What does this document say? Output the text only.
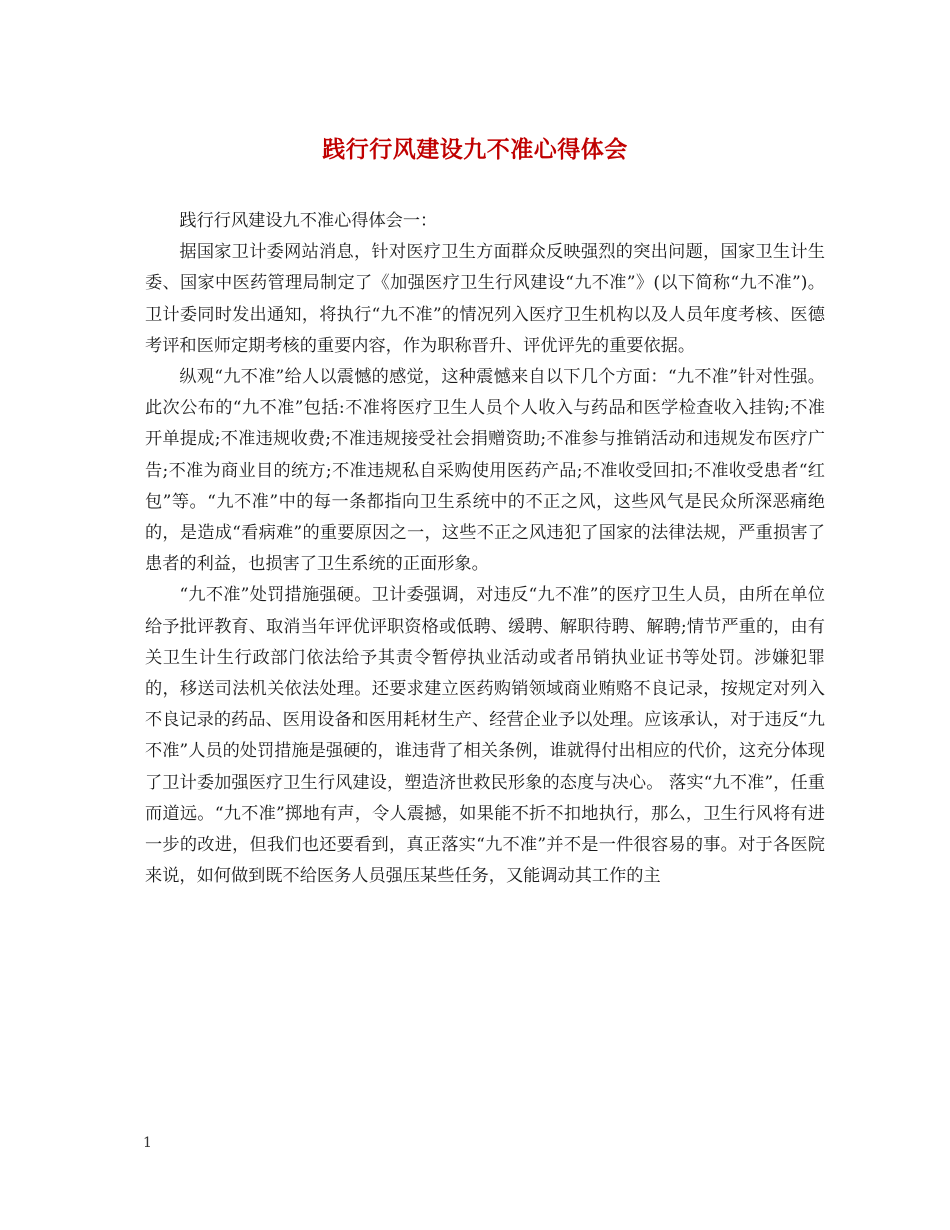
践行行风建设九不准心得体会

践行行风建设九不准心得体会一：

据国家卫计委网站消息，针对医疗卫生方面群众反映强烈的突出问题，国家卫生计生委、国家中医药管理局制定了《加强医疗卫生行风建设“九不准”》(以下简称“九不准”)。卫计委同时发出通知，将执行“九不准”的情况列入医疗卫生机构以及人员年度考核、医德考评和医师定期考核的重要内容，作为职称晋升、评优评先的重要依据。

纵观“九不准”给人以震憾的感觉，这种震憾来自以下几个方面：“九不准”针对性强。此次公布的“九不准”包括:不准将医疗卫生人员个人收入与药品和医学检查收入挂钩;不准开单提成;不准违规收费;不准违规接受社会捐赠资助;不准参与推销活动和违规发布医疗广告;不准为商业目的统方;不准违规私自采购使用医药产品;不准收受回扣;不准收受患者“红包”等。“九不准”中的每一条都指向卫生系统中的不正之风，这些风气是民众所深恶痛绝的，是造成“看病难”的重要原因之一，这些不正之风违犯了国家的法律法规，严重损害了患者的利益，也损害了卫生系统的正面形象。

“九不准”处罚措施强硬。卫计委强调，对违反“九不准”的医疗卫生人员，由所在单位给予批评教育、取消当年评优评职资格或低聘、缓聘、解职待聘、解聘;情节严重的，由有关卫生计生行政部门依法给予其责令暂停执业活动或者吊销执业证书等处罚。涉嫌犯罪的，移送司法机关依法处理。还要求建立医药购销领域商业贿赂不良记录，按规定对列入不良记录的药品、医用设备和医用耗材生产、经营企业予以处理。应该承认，对于违反“九不准”人员的处罚措施是强硬的，谁违背了相关条例，谁就得付出相应的代价，这充分体现了卫计委加强医疗卫生行风建设，塑造济世救民形象的态度与决心。 落实“九不准”，任重而道远。“九不准”掷地有声，令人震撼，如果能不折不扣地执行，那么，卫生行风将有进一步的改进，但我们也还要看到，真正落实“九不准”并不是一件很容易的事。对于各医院来说，如何做到既不给医务人员强压某些任务，又能调动其工作的主

1
